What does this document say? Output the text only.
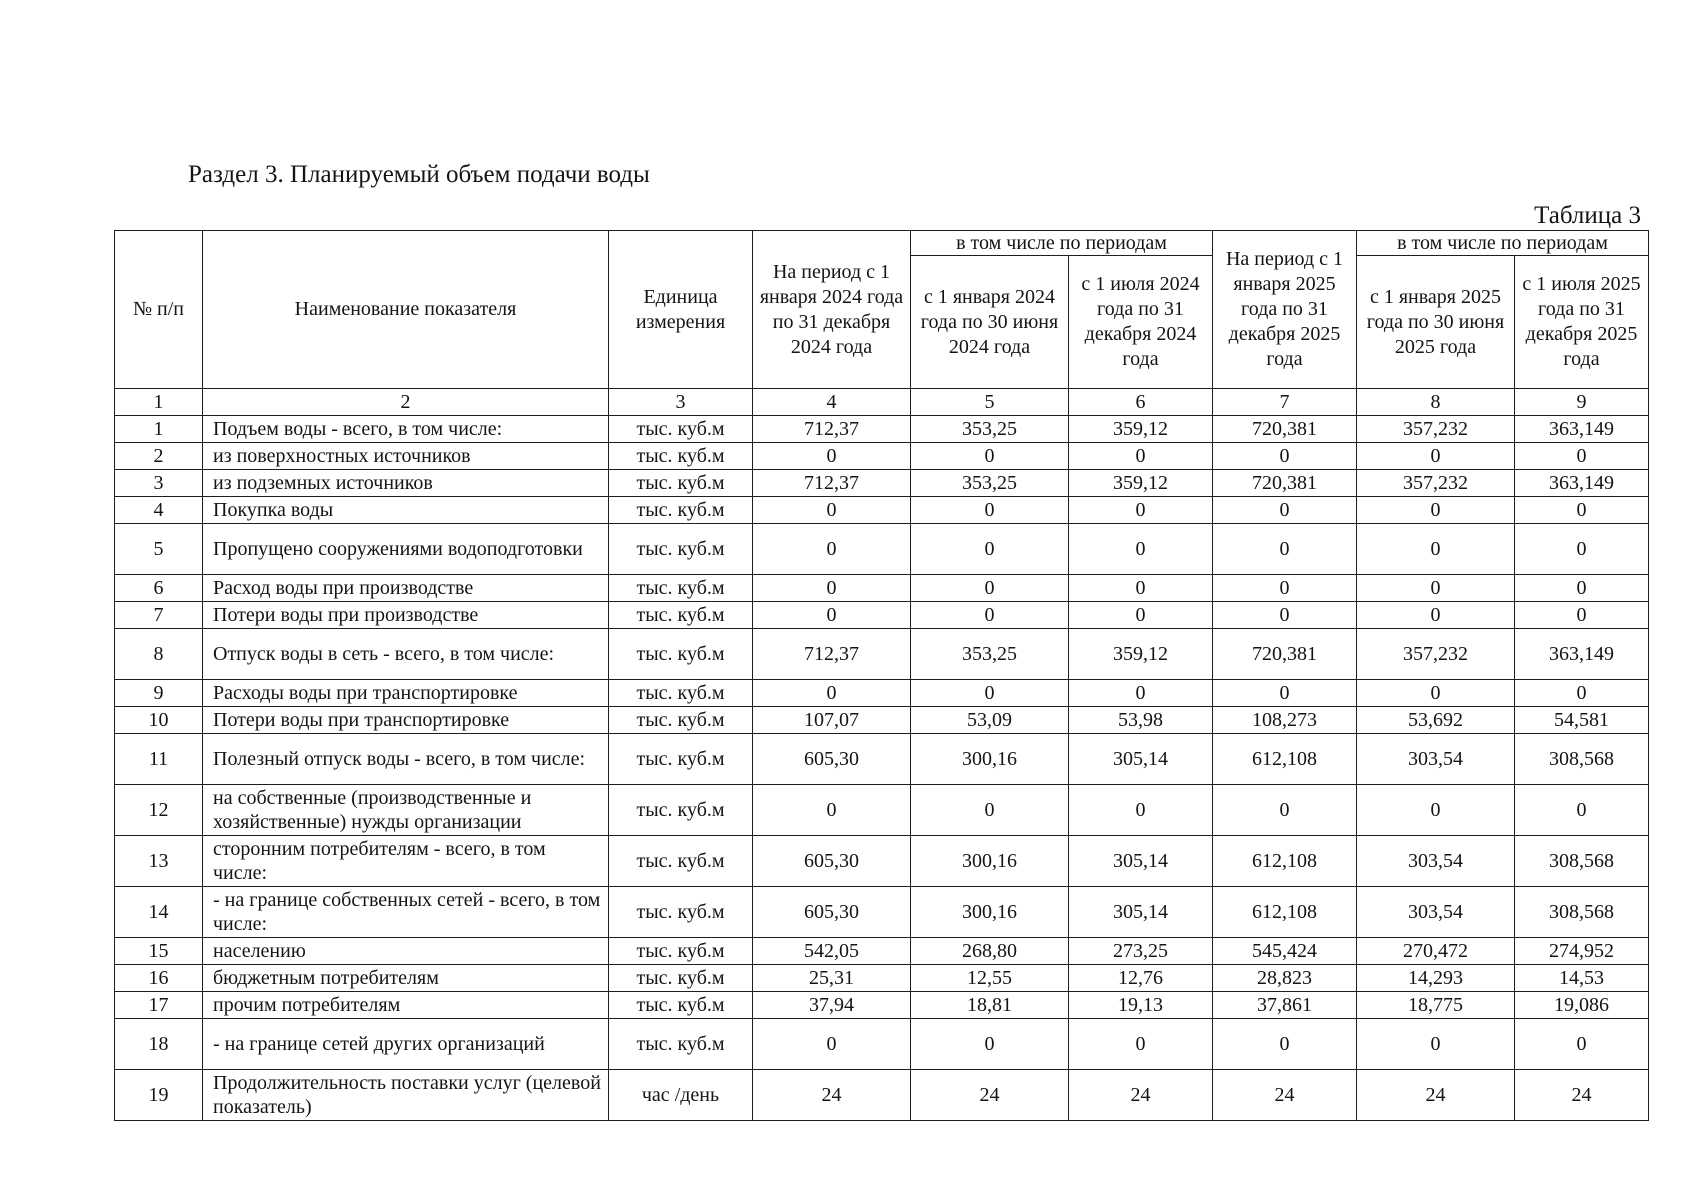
Раздел 3. Планируемый объем подачи воды
Таблица 3
№ п/п	Наименование показателя	Единица измерения	На период с 1 января 2024 года по 31 декабря 2024 года	в том числе по периодам		На период с 1 января 2025 года по 31 декабря 2025 года	в том числе по периодам	
				с 1 января 2024 года по 30 июня 2024 года	с 1 июля 2024 года по 31 декабря 2024 года		с 1 января 2025 года по 30 июня 2025 года	с 1 июля 2025 года по 31 декабря 2025 года
1	2	3	4	5	6	7	8	9
1	Подъем воды - всего, в том числе:	тыс. куб.м	712,37	353,25	359,12	720,381	357,232	363,149
2	из поверхностных источников	тыс. куб.м	0	0	0	0	0	0
3	из подземных источников	тыс. куб.м	712,37	353,25	359,12	720,381	357,232	363,149
4	Покупка воды	тыс. куб.м	0	0	0	0	0	0
5	Пропущено сооружениями водоподготовки	тыс. куб.м	0	0	0	0	0	0
6	Расход воды при производстве	тыс. куб.м	0	0	0	0	0	0
7	Потери воды при производстве	тыс. куб.м	0	0	0	0	0	0
8	Отпуск воды в сеть - всего, в том числе:	тыс. куб.м	712,37	353,25	359,12	720,381	357,232	363,149
9	Расходы воды при транспортировке	тыс. куб.м	0	0	0	0	0	0
10	Потери воды при транспортировке	тыс. куб.м	107,07	53,09	53,98	108,273	53,692	54,581
11	Полезный отпуск воды - всего, в том числе:	тыс. куб.м	605,30	300,16	305,14	612,108	303,54	308,568
12	на собственные (производственные и хозяйственные) нужды организации	тыс. куб.м	0	0	0	0	0	0
13	сторонним потребителям - всего, в том числе:	тыс. куб.м	605,30	300,16	305,14	612,108	303,54	308,568
14	- на границе собственных сетей - всего, в том числе:	тыс. куб.м	605,30	300,16	305,14	612,108	303,54	308,568
15	населению	тыс. куб.м	542,05	268,80	273,25	545,424	270,472	274,952
16	бюджетным потребителям	тыс. куб.м	25,31	12,55	12,76	28,823	14,293	14,53
17	прочим потребителям	тыс. куб.м	37,94	18,81	19,13	37,861	18,775	19,086
18	- на границе сетей других организаций	тыс. куб.м	0	0	0	0	0	0
19	Продолжительность поставки услуг (целевой показатель)	час /день	24	24	24	24	24	24
